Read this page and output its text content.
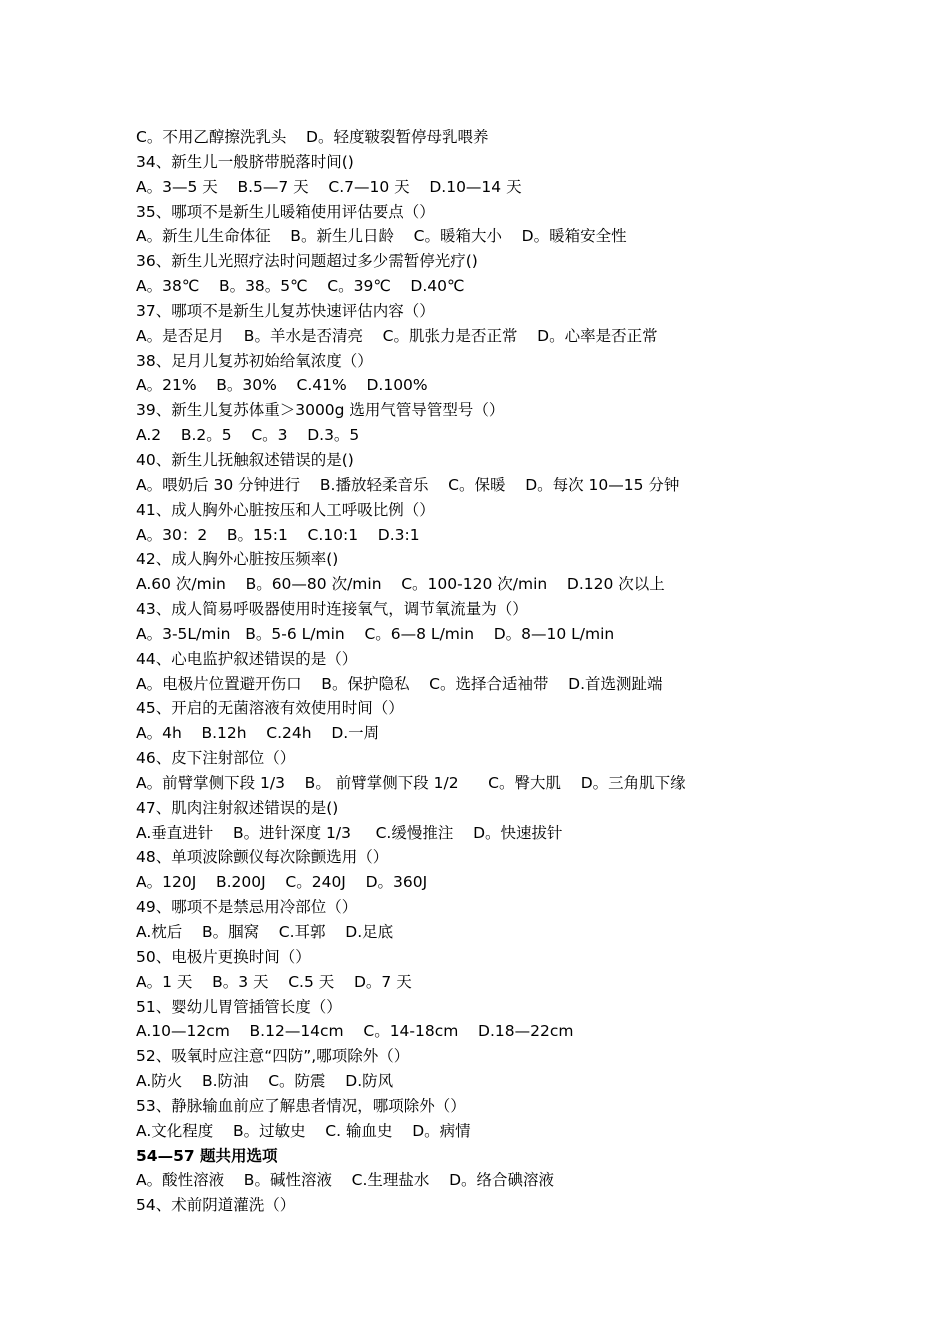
C。不用乙醇擦洗乳头    D。轻度皲裂暂停母乳喂养
34、新生儿一般脐带脱落时间()
A。3—5 天    B.5—7 天    C.7—10 天    D.10—14 天
35、哪项不是新生儿暖箱使用评估要点（）
A。新生儿生命体征    B。新生儿日龄    C。暖箱大小    D。暖箱安全性
36、新生儿光照疗法时问题超过多少需暂停光疗()
A。38℃    B。38。5℃    C。39℃    D.40℃
37、哪项不是新生儿复苏快速评估内容（）
A。是否足月    B。羊水是否清亮    C。肌张力是否正常    D。心率是否正常
38、足月儿复苏初始给氧浓度（）
A。21%    B。30%    C.41%    D.100%
39、新生儿复苏体重＞3000g 选用气管导管型号（）
A.2    B.2。5    C。3    D.3。5
40、新生儿抚触叙述错误的是()
A。喂奶后 30 分钟进行    B.播放轻柔音乐    C。保暖    D。每次 10—15 分钟
41、成人胸外心脏按压和人工呼吸比例（）
A。30：2    B。15:1    C.10:1    D.3:1
42、成人胸外心脏按压频率()
A.60 次/min    B。60—80 次/min    C。100-120 次/min    D.120 次以上
43、成人简易呼吸器使用时连接氧气，调节氧流量为（）
A。3-5L/min   B。5-6 L/min    C。6—8 L/min    D。8—10 L/min
44、心电监护叙述错误的是（）
A。电极片位置避开伤口    B。保护隐私    C。选择合适袖带    D.首选测趾端
45、开启的无菌溶液有效使用时间（）
A。4h    B.12h    C.24h    D.一周
46、皮下注射部位（）
A。前臂掌侧下段 1/3    B。 前臂掌侧下段 1/2      C。臀大肌    D。三角肌下缘
47、肌肉注射叙述错误的是()
A.垂直进针    B。进针深度 1/3     C.缓慢推注    D。快速拔针
48、单项波除颤仪每次除颤选用（）
A。120J    B.200J    C。240J    D。360J
49、哪项不是禁忌用冷部位（）
A.枕后    B。腘窝    C.耳郭    D.足底
50、电极片更换时间（）
A。1 天    B。3 天    C.5 天    D。7 天
51、婴幼儿胃管插管长度（）
A.10—12cm    B.12—14cm    C。14-18cm    D.18—22cm
52、吸氧时应注意“四防”,哪项除外（）
A.防火    B.防油    C。防震    D.防风
53、静脉输血前应了解患者情况，哪项除外（）
A.文化程度    B。过敏史    C. 输血史    D。病情
54—57 题共用选项
A。酸性溶液    B。碱性溶液    C.生理盐水    D。络合碘溶液
54、术前阴道灌洗（）
